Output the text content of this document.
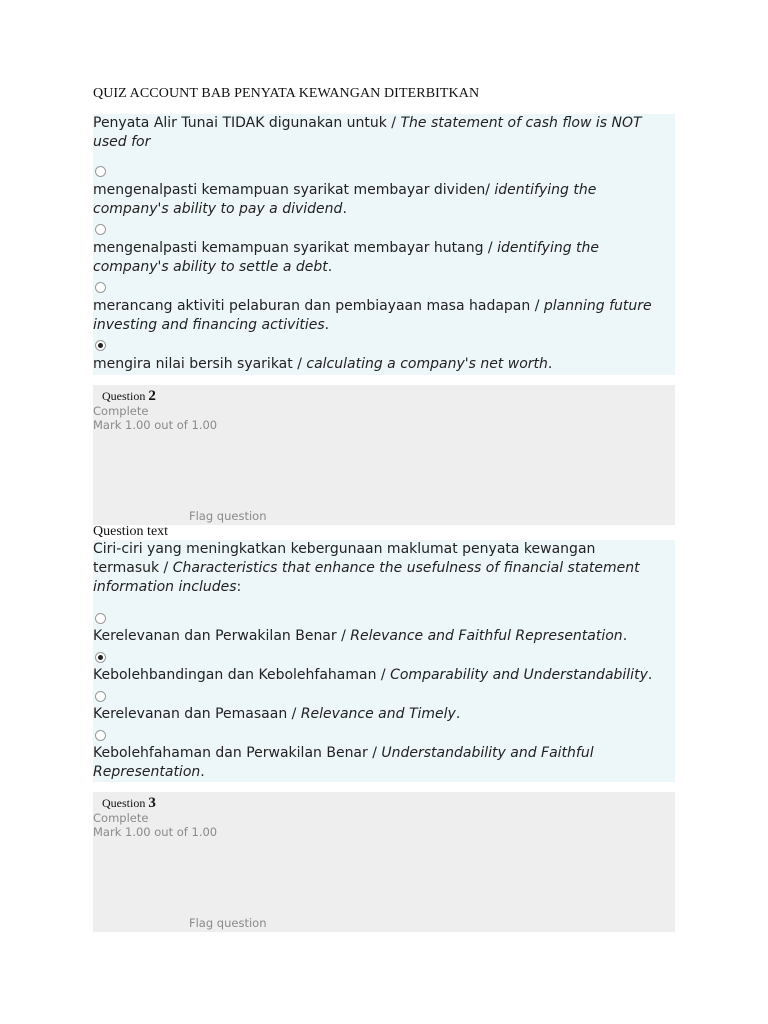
QUIZ ACCOUNT BAB PENYATA KEWANGAN DITERBITKAN
Penyata Alir Tunai TIDAK digunakan untuk / The statement of cash flow is NOT used for
mengenalpasti kemampuan syarikat membayar dividen/ identifying the company's ability to pay a dividend.
mengenalpasti kemampuan syarikat membayar hutang / identifying the company's ability to settle a debt.
merancang aktiviti pelaburan dan pembiayaan masa hadapan / planning future investing and financing activities.
mengira nilai bersih syarikat / calculating a company's net worth.
Question 2
Complete
Mark 1.00 out of 1.00
Flag question
Question text
Ciri-ciri yang meningkatkan kebergunaan maklumat penyata kewangan termasuk / Characteristics that enhance the usefulness of financial statement information includes:
Kerelevanan dan Perwakilan Benar / Relevance and Faithful Representation.
Kebolehbandingan dan Kebolehfahaman / Comparability and Understandability.
Kerelevanan dan Pemasaan / Relevance and Timely.
Kebolehfahaman dan Perwakilan Benar / Understandability and Faithful Representation.
Question 3
Complete
Mark 1.00 out of 1.00
Flag question
